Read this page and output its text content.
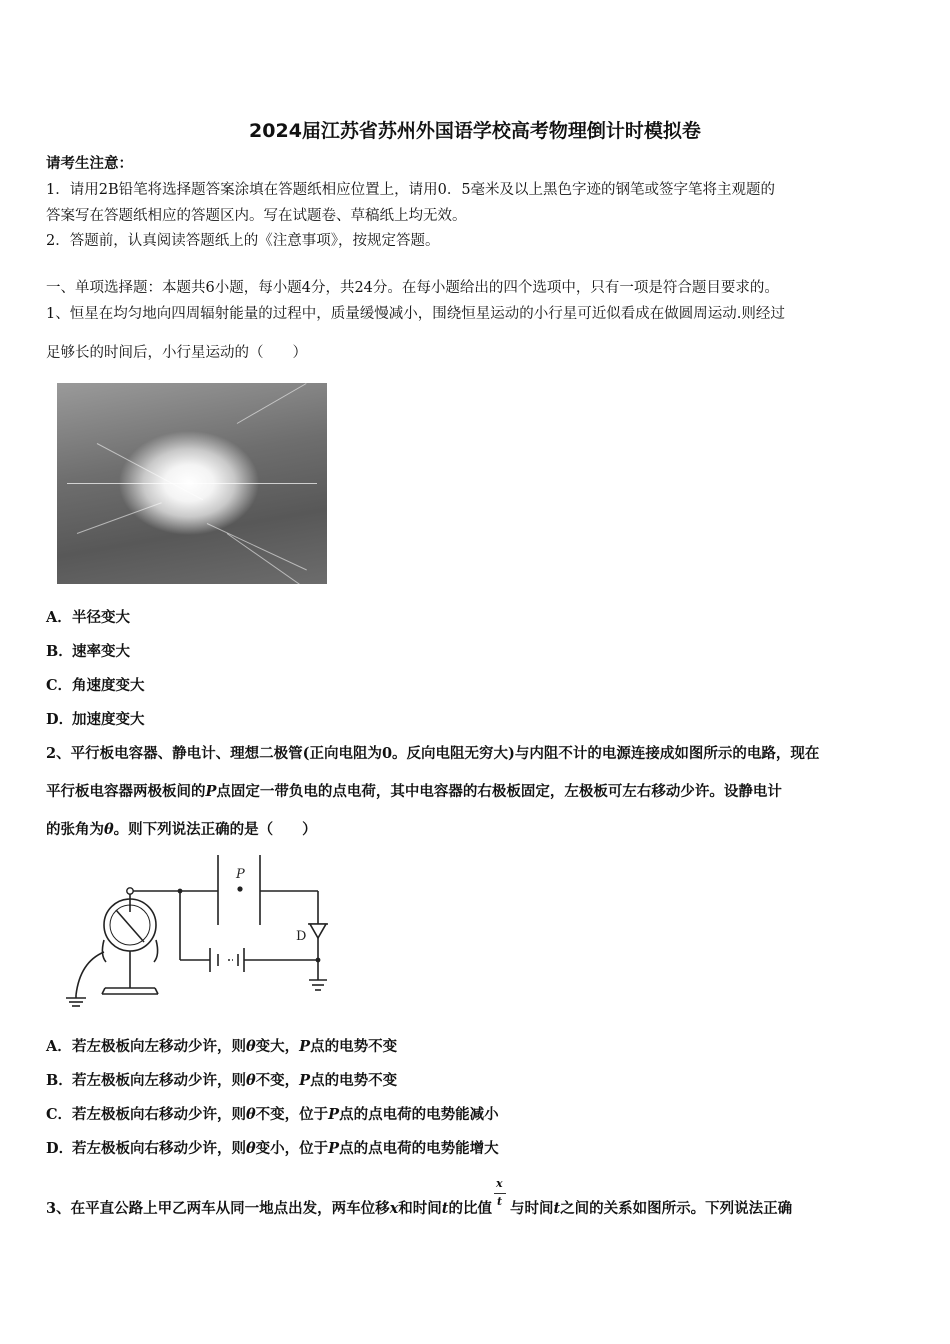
2024届江苏省苏州外国语学校高考物理倒计时模拟卷
请考生注意：
1．请用2B铅笔将选择题答案涂填在答题纸相应位置上，请用0．5毫米及以上黑色字迹的钢笔或签字笔将主观题的
答案写在答题纸相应的答题区内。写在试题卷、草稿纸上均无效。
2．答题前，认真阅读答题纸上的《注意事项》，按规定答题。
一、单项选择题：本题共6小题，每小题4分，共24分。在每小题给出的四个选项中，只有一项是符合题目要求的。
1、恒星在均匀地向四周辐射能量的过程中，质量缓慢减小，围绕恒星运动的小行星可近似看成在做圆周运动.则经过
足够长的时间后，小行星运动的（　　）
A．半径变大
B．速率变大
C．角速度变大
D．加速度变大
2、平行板电容器、静电计、理想二极管(正向电阻为0。反向电阻无穷大)与内阻不计的电源连接成如图所示的电路，现在
平行板电容器两极板间的P点固定一带负电的点电荷，其中电容器的右极板固定，左极板可左右移动少许。设静电计
的张角为θ。则下列说法正确的是（　　）
P
D
A．若左极板向左移动少许，则θ变大，P点的电势不变
B．若左极板向左移动少许，则θ不变，P点的电势不变
C．若左极板向右移动少许，则θ不变，位于P点的点电荷的电势能减小
D．若左极板向右移动少许，则θ变小，位于P点的点电荷的电势能增大
3、在平直公路上甲乙两车从同一地点出发，两车位移x和时间t的比值 $\frac{x}{t}$ 与时间t之间的关系如图所示。下列说法正确
